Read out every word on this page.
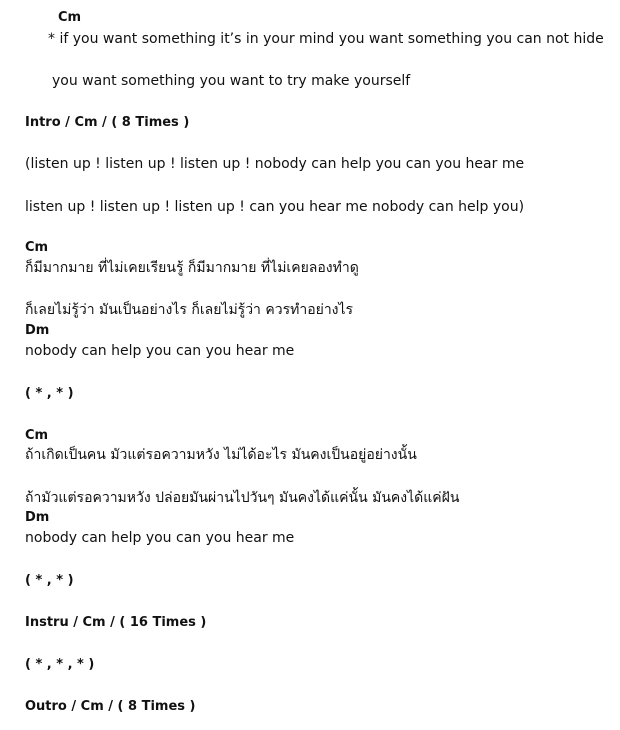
Cm
* if you want something it’s in your mind you want something you can not hide
you want something you want to try make yourself
Intro / Cm / ( 8 Times )
(listen up ! listen up ! listen up ! nobody can help you can you hear me
listen up ! listen up ! listen up ! can you hear me nobody can help you)
Cm
ก็มีมากมาย ที่ไม่เคยเรียนรู้ ก็มีมากมาย ที่ไม่เคยลองทำดู
ก็เลยไม่รู้ว่า มันเป็นอย่างไร ก็เลยไม่รู้ว่า ควรทำอย่างไร
Dm
nobody can help you can you hear me
( * , * )
Cm
ถ้าเกิดเป็นคน มัวแต่รอความหวัง ไม่ได้อะไร มันคงเป็นอยู่อย่างนั้น
ถ้ามัวแต่รอความหวัง ปล่อยมันผ่านไปวันๆ มันคงได้แค่นั้น มันคงได้แค่ฝัน
Dm
nobody can help you can you hear me
( * , * )
Instru / Cm / ( 16 Times )
( * , * , * )
Outro / Cm / ( 8 Times )
